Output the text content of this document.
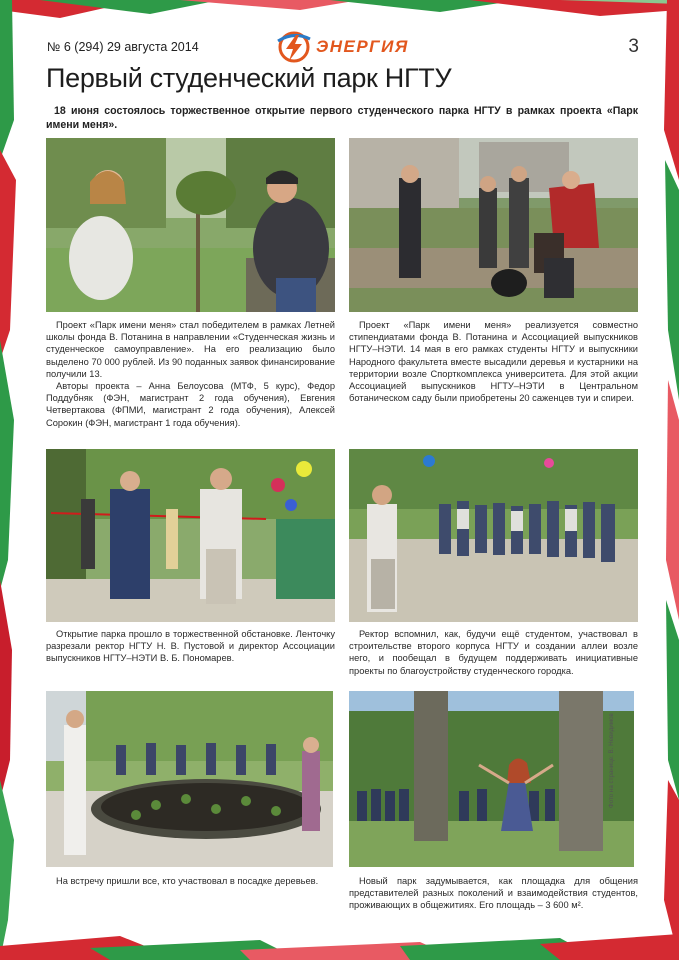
№ 6 (294) 29 августа 2014	ЭНЕРГИЯ	3
Первый студенческий парк НГТУ

18 июня состоялось торжественное открытие первого студенческого парка НГТУ в рамках проекта «Парк имени меня».

Проект «Парк имени меня» стал победителем в рамках Летней школы фонда В. Потанина в направлении «Студенческая жизнь и студенческое самоуправление». На его реализацию было выделено 70 000 рублей. Из 90 поданных заявок финансирование получили 13.

Авторы проекта – Анна Белоусова (МТФ, 5 курс), Федор Поддубняк (ФЭН, магистрант 2 года обучения), Евгения Четвертакова (ФПМИ, магистрант 2 года обучения), Алексей Сорокин (ФЭН, магистрант 1 года обучения).

Проект «Парк имени меня» реализуется совместно стипендиатами фонда В. Потанина и Ассоциацией выпускников НГТУ–НЭТИ. 14 мая в его рамках студенты НГТУ и выпускники Народного факультета вместе высадили деревья и кустарники на территории возле Спорткомплекса университета. Для этой акции Ассоциацией выпускников НГТУ–НЭТИ в Центральном ботаническом саду были приобретены 20 саженцев туи и спиреи.

Открытие парка прошло в торжественной обстановке. Ленточку разрезали ректор НГТУ Н. В. Пустовой и директор Ассоциации выпускников НГТУ–НЭТИ В. Б. Пономарев.

Ректор вспомнил, как, будучи ещё студентом, участвовал в строительстве второго корпуса НГТУ и создании аллеи возле него, и пообещал в будущем поддерживать инициативные проекты по благоустройству студенческого городка.

На встречу пришли все, кто участвовал в посадке деревьев.	Новый парк задумывается, как площадка для общения представителей разных поколений и взаимодействия студентов, проживающих в общежитиях. Его площадь – 3 600 м².

Фото на странице: В. Невидимов
